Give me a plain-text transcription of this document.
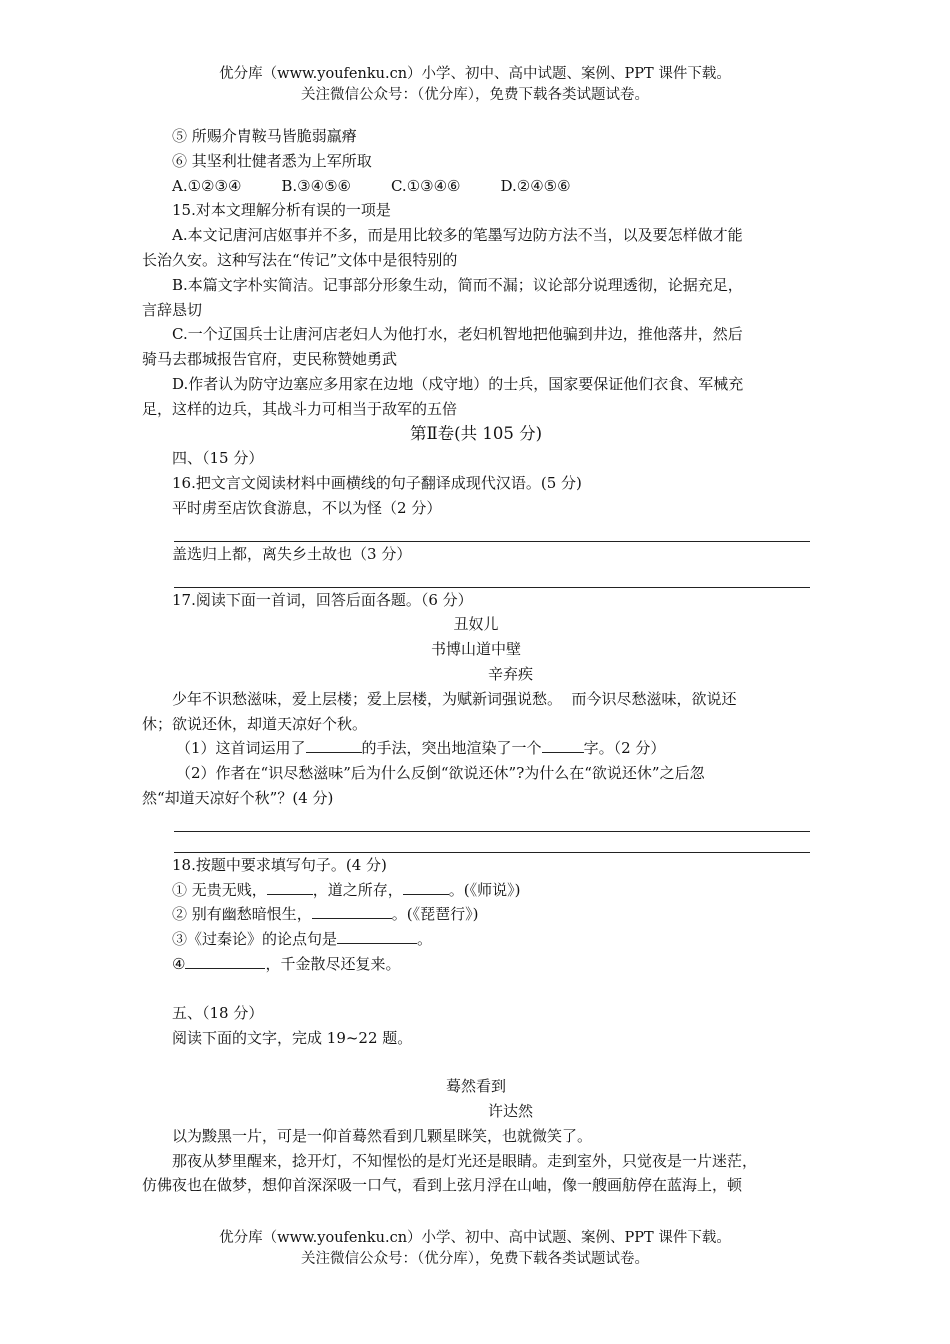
优分库（www.youfenku.cn）小学、初中、高中试题、案例、PPT 课件下载。
关注微信公众号：（优分库），免费下载各类试题试卷。
⑤ 所赐介胄鞍马皆脆弱羸瘠
⑥ 其坚利壮健者悉为上军所取
A.①②③④	B.③④⑤⑥	C.①③④⑥	D.②④⑤⑥
15.对本文理解分析有误的一项是
A.本文记唐河店妪事并不多，而是用比较多的笔墨写边防方法不当，以及要怎样做才能
长治久安。这种写法在“传记”文体中是很特别的
B.本篇文字朴实简洁。记事部分形象生动，简而不漏；议论部分说理透彻，论据充足，
言辞恳切
C.一个辽国兵士让唐河店老妇人为他打水，老妇机智地把他骗到井边，推他落井，然后
骑马去郡城报告官府，吏民称赞她勇武
D.作者认为防守边塞应多用家在边地（戍守地）的士兵，国家要保证他们衣食、军械充
足，这样的边兵，其战斗力可相当于敌军的五倍
第Ⅱ卷(共 105 分)
四、（15 分）
16.把文言文阅读材料中画横线的句子翻译成现代汉语。(5 分)
平时虏至店饮食游息，不以为怪（2 分）
盖选归上都，离失乡土故也（3 分）
17.阅读下面一首词，回答后面各题。（6 分）
丑奴儿
书博山道中壁
辛弃疾
少年不识愁滋味，爱上层楼；爱上层楼，为赋新词强说愁。  而今识尽愁滋味，欲说还
休；欲说还休，却道天凉好个秋。
（1）这首词运用了	的手法，突出地渲染了一个	字。（2 分）
（2）作者在“识尽愁滋味”后为什么反倒“欲说还休”?为什么在“欲说还休”之后忽
然“却道天凉好个秋”？(4 分)
18.按题中要求填写句子。(4 分)
① 无贵无贱，	，道之所存，	。(《师说》)
② 别有幽愁暗恨生，	。(《琵琶行》)
③《过秦论》的论点句是	。
④	，千金散尽还复来。
五、（18 分）
阅读下面的文字，完成 19~22 题。
蓦然看到
许达然
以为黢黑一片，可是一仰首蓦然看到几颗星眯笑，也就微笑了。
那夜从梦里醒来，捻开灯，不知惺忪的是灯光还是眼睛。走到室外，只觉夜是一片迷茫，
仿佛夜也在做梦，想仰首深深吸一口气，看到上弦月浮在山岫，像一艘画舫停在蓝海上，顿
优分库（www.youfenku.cn）小学、初中、高中试题、案例、PPT 课件下载。
关注微信公众号：（优分库），免费下载各类试题试卷。
